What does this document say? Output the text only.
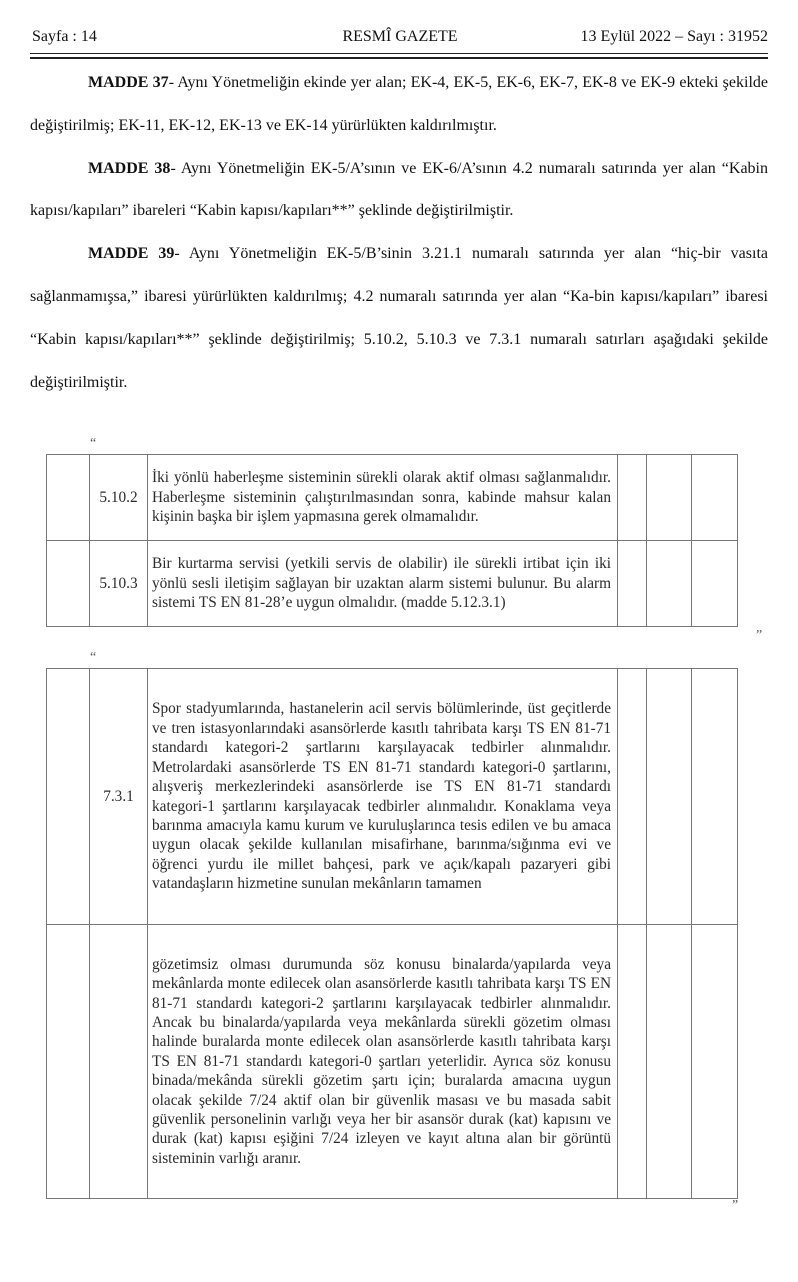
Sayfa : 14	RESMÎ GAZETE	13 Eylül 2022 – Sayı : 31952

MADDE 37- Aynı Yönetmeliğin ekinde yer alan; EK-4, EK-5, EK-6, EK-7, EK-8 ve EK-9 ekteki şekilde değiştirilmiş; EK-11, EK-12, EK-13 ve EK-14 yürürlükten kaldırılmıştır.

MADDE 38- Aynı Yönetmeliğin EK-5/A’sının ve EK-6/A’sının 4.2 numaralı satırında yer alan “Kabin kapısı/kapıları” ibareleri “Kabin kapısı/kapıları**” şeklinde değiştirilmiştir.

MADDE 39- Aynı Yönetmeliğin EK-5/B’sinin 3.21.1 numaralı satırında yer alan “hiç-bir vasıta sağlanmamışsa,” ibaresi yürürlükten kaldırılmış; 4.2 numaralı satırında yer alan “Ka-bin kapısı/kapıları” ibaresi “Kabin kapısı/kapıları**” şeklinde değiştirilmiş; 5.10.2, 5.10.3 ve 7.3.1 numaralı satırları aşağıdaki şekilde değiştirilmiştir.

“
	5.10.2	İki yönlü haberleşme sisteminin sürekli olarak aktif olması sağlanmalıdır. Haberleşme sisteminin çalıştırılmasından sonra, kabinde mahsur kalan kişinin başka bir işlem yapmasına gerek olmamalıdır.			

	5.10.3	Bir kurtarma servisi (yetkili servis de olabilir) ile sürekli irtibat için iki yönlü sesli iletişim sağlayan bir uzaktan alarm sistemi bulunur. Bu alarm sistemi TS EN 81-28’e uygun olmalıdır. (madde 5.12.3.1)			

”
“
	7.3.1	Spor stadyumlarında, hastanelerin acil servis bölümlerinde, üst geçitlerde ve tren istasyonlarındaki asansörlerde kasıtlı tahribata karşı TS EN 81-71 standardı kategori-2 şartlarını karşılayacak tedbirler alınmalıdır. Metrolardaki asansörlerde TS EN 81-71 standardı kategori-0 şartlarını, alışveriş merkezlerindeki asansörlerde ise TS EN 81-71 standardı kategori-1 şartlarını karşılayacak tedbirler alınmalıdır. Konaklama veya barınma amacıyla kamu kurum ve kuruluşlarınca tesis edilen ve bu amaca uygun olacak şekilde kullanılan misafirhane, barınma/sığınma evi ve öğrenci yurdu ile millet bahçesi, park ve açık/kapalı pazaryeri gibi vatandaşların hizmetine sunulan mekânların tamamen			

		gözetimsiz olması durumunda söz konusu binalarda/yapılarda veya mekânlarda monte edilecek olan asansörlerde kasıtlı tahribata karşı TS EN 81-71 standardı kategori-2 şartlarını karşılayacak tedbirler alınmalıdır. Ancak bu binalarda/yapılarda veya mekânlarda sürekli gözetim olması halinde buralarda monte edilecek olan asansörlerde kasıtlı tahribata karşı TS EN 81-71 standardı kategori-0 şartları yeterlidir. Ayrıca söz konusu binada/mekânda sürekli gözetim şartı için; buralarda amacına uygun olacak şekilde 7/24 aktif olan bir güvenlik masası ve bu masada sabit güvenlik personelinin varlığı veya her bir asansör durak (kat) kapısını ve durak (kat) kapısı eşiğini 7/24 izleyen ve kayıt altına alan bir görüntü sisteminin varlığı aranır.			

”
